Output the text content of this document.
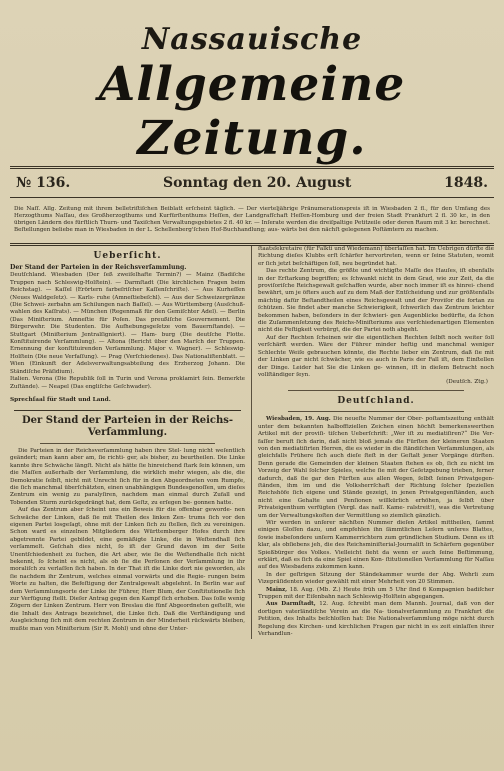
Nassauische
Allgemeine Zeitung.
№ 136.	Sonntag den 20. August	1848.

Die Naſſ. Allg. Zeitung mit ihrem belletriſtiſchen Beiblatt erſcheint täglich. — Der vierteljährige Pränumerationspreis iſt in Wiesbaden 2 fl., für den Umfang des Herzogthums Naſſau, des Großherzogthums und Kurfürſtenthums Heſſen, der Landgrafſchaft Heſſen-Homburg und der freien Stadt Frankfurt 2 fl. 30 kr., in den übrigen Ländern des fürſtlich Thurn- und Taxiſchen Verwaltungsgebietes 2 fl. 40 kr. — Inſerate werden die dreiſpaltige Petitzeile oder deren Raum mit 3 kr. berechnet. Beſtellungen beliebe man in Wiesbaden in der L. Schellenberg'ſchen Hof-Buchhandlung; aus- wärts bei den nächſt gelegenen Poſtämtern zu machen.

Ueberſicht.

Der Stand der Parteien in der Reichsverſammlung.

Deutſchland. Wiesbaden (Der ſeß zweiſelhafte Termin?) — Mainz (Badiſche Truppen nach Schleswig-Holſtein). — Darmſtadt (Die kirchlichen Fragen beim Reichstag). — Kaſſel (Erörtern farbeſriſcher Kaſſenſchriſte). — Aus Kurheſſen (Neues Waldgeſetz). — Karls- ruhe (Amneſtiebeſchl). — Aus der Schweizergränze (Die Schwei- zerbahn am Schilungen nach Baſſel). — Aus Württemberg (Ausſchuß- wahlen des Kaſſrats). — München (Regenmaß für den Gemiſchter Adel). — Berlin (Das Miniſterium. Amneſtie für Poſen. Das preußiſche Gouvernement. Die Bürgerwehr. Die Studenten. Die Aufhebungsgeſetze vom Bauernſtande). — Stuttgart (Miniſterium Jentralſigniert). — Ham- burg (Die deutſche Flotte. Konſtituirende Verſammlung). — Altona (Bericht über den Marſch der Truppen. Ernennung der konſtituirenden Verſammlung. Major v. Wagner). — Schleswig-Holſtein (Die neue Verfaſſung). — Prag (Verſchiedenes). Das Nationaliſtenblatt. — Wien (Einkunft der Adelsverwaltungsabteilung des Erzherzog Johann. Die Ständiſche Präſidium).

Italien. Verona (Die Republik ſoll in Turin und Verona proklamirt ſein. Bemerkte Zuſtände). — Neapel (Das engliſche Geſchwader).

Sprechſaal für Stadt und Land.

Der Stand der Parteien in der Reichs- Verſammlung.

Die Parteien in der Reichsverſammlung haben ihre Stel- lung nicht weſentlich geändert; man kann aber am, ſie richti- ger, als bisher, zu beurtheilen. Die Linke kannte ihre Schwäche längſt. Nicht als hätte ſie hinreichend ſtark ſein können, um die Maſſen außerhalb der Verſammlung, die wirklich mehr wiegen, als die, die Demokratie ſelbſt, nicht mit Unrecht ſich für in den Abgeordneten vom Rumpfe, die ſich manchmal überſchätzten, einen unabhängigen Bundesgenoſſen, um dieſes Zentrum ein wenig zu paralyſiren, nachdem man einmal durch Zufall und Tobenden Sturm zurückgedrängt hat, dem Geſtz, zu erſegen be- gonnen hatte.

Auf das Zentrum aber ſcheint uns ein Beweis für die offenbar geworde- nen Schwäche der Linken, daß ſie mit Theilen des linken Zen- trums ſich vor den eigenen Partei losgeſagt, ohne mit der Linken ſich zu ſtellen, ſich zu vereinigen. Schon ward es einzelnen Mitgliedern des Württemberger Hofes durch ihre abgetrennte Partei gebildet, eine gemäßigte Linke, die in Weſtendhall ſich verſammelt. Geſchah dies nicht, ſo iſt der Grund davon im der Seite Unentſchiedenheit zu ſuchen, die Art aber, wie ſie die Weſtendhalle ſich nicht bekennt, ſo ſcheint es nicht, als ob ſie die Perſonen der Verſammlung in ihr moraliſch zu verlaſſen ſich haben. In der That iſt die Linke dort nie geworden, als ſie nachdem ihr Zentrum, welches einmal vorwärts und die Regie- rungen beim Worte zu halten, die Befeſtigung der Zentralgewalt abgelehnt. In Berlin war auf dem Verſammlungsorte der Linke ihr Führer, Herr Blum, der Conſtitutionelle ſich zur Verfügung ſtellt. Dieſer Antrag gegen den Kampf ſich erhoben. Das ſolle wenig Zögern der Linken Zentrum. Herr von Breslau die fünf Abgeordneten geſtellt, wie die Inhalt des Antrags bezeichnet, die Linke ſich. Daß die Verſtändigung und Ausgleichung ſich mit dem rechten Zentrum in der Minderheit rückwärts bleiben, mußte man von Miniſterium (Sir R. Mohl) und ohne der Unter-

ſtaatsſekretaire (für Falkti und Wiedemann) überlaſſen hat. Im Uebrigen dürfte die Richtung dieſes Klubbs erſt ſchärfer hervortreten, wenn er ſeine Statuten, womit er ſich jetzt beſchäftigen ſoll, neu begründet hat.

Das rechte Zentrum, die größte und wichtigſte Maſſe des Hauſes, iſt ebenfalls in der Erſtarkung begriffen; es ſchwankt nicht in dem Grad, wie zur Zeit, da die proviſoriſche Reichsgewalt geſchaffen wurde, aber noch immer iſt es hinrei- chend bewährt, um je öfters auch auf zu dem Maß der Entſcheidung und zur größtenfalls mächtig dafür Beſtandtheilen eines Reichsgewalt und der Proviſor die fortan zu ſchützen. Sie findet aber manche Schwierigkeit, ſchwerlich das Zentrum leichter bekommen haben, beſonders in der ſchwieri- gen Augenblicke bedürfte, da ſchon die Zuſammenſetzung des Reichs-Miniſteriums aus verſchiedenartigen Elementen nicht die Feſtigkeit verbürgt, die der Partei noth abgeht.

Auf der Rechten ſcheinen wir die eigentlichen Rechten ſelbſt noch weiter ſoll verſchärft werden. Wäre der Führer minder heftig und manchmal weniger Schlechte Weiſe gebrauchen könnte, die Rechte lieber ein Zentrum, daß ſie mit der Linken gar nicht ſchwächer, wie es auch in Paris der Fall iſt, dem Einſtellen der Dinge. Leider hat Sie die Linken ge- winnen, iſt in dieſem Betracht noch vollſtändiger ſeyn.

(Deutſch. Ztg.)
Deutſchland.

Wiesbaden, 19. Aug. Die neueſte Nummer der Ober- poſtamtszeitung enthält unter dem bekannten halboffiziellen Zeichen einen höchſt bemerkenswerthen Artikel mit der proviſi- tiſchen Ueberſchrift: „Wer iſt zu mediatiſiren?“ Die Ver- faſſer beruft ſich darin, daß nicht bloß jemals die Fürſten der kleineren Staaten von den mediatiſirten Herren, die es wieder in die ſtändiſchen Verſammlungen, als gleichfalls Frühere ſich auch dieſe ſteſt in der Geſtalt jener Vorgänge dürften. Denn gerade die Gemeinden der kleinen Staaten ſtehen es ob, ſich zu nicht im Vorzeig der Wahl ſolcher Spieles, welche ſie mit der Geſetzgebung trieben, ferner dadurch, daß ſie gar den Fürſten aus allen Wegen, ſelbſt ſeinen Privatgegen- ſtänden, ihm im und die Volksherrſchaft der Richtung ſolcher ſpeziellen Reichshöfe ſich eigene und Stände gezeigt, in jenen Privatgegenſtänden, auch nicht eine Gehalte und Penſionen willkürlich erhöhen, ja ſelbſt über Privateigenthum verfügten (Vergl. das naſſ. Kame- ralstreit!), was die Vertretung um der Verwaltungskoſten der Vermittlung so ziemlich gänzlich.

Wir werden in unſerer nächſten Nummer dieſen Artikel mittheilen, ſammt einigen Gloſſen dazu, und empfehlen ihn ſämmtlichen Leſern unſeres Blattes, ſowie insbeſondere unſern Kammerrichtern zum gründlichen Studium. Denn es iſt klar, als obſiebens jeh, die des Reichsminiſterial-Journaliſt in Schärfern gegenüber Spießbürger des Volkes. Vielleicht ſieht da wenn er auch ſeine Beſtimmung, erklärt, daß es ſich da eine Spiel einen Kon- ſtitutionellen Verſammlung für Naſſau auf des Wiesbadens zukommen kann.

In der geſtrigen Sitzung der Ständekammer wurde der Abg. Wehrli zum Vizepräſidenten wieder gewählt mit einer Mehrheit von 20 Stimmen.

Mainz, 18. Aug. (Mb. Z.) Heute früh um 5 Uhr ſind 6 Kompagnien badiſcher Truppen mit der Eiſenbahn nach Schleswig-Holſtein abgegangen.

Aus Darmſtadt, 12. Aug. ſchreibt man dem Mannh. Journal, daß von der dortigen vaterländiſche Verein an die Na- tionalverſammlung zu Frankfurt die Petition, des Inhalts beſchloſſen hat: Die Nationalverſammlung möge nicht durch Regelung des Kirchen- und kirchlichen Fragen gar nicht in es zeit einlaſſen ihrer Verhandlun-
